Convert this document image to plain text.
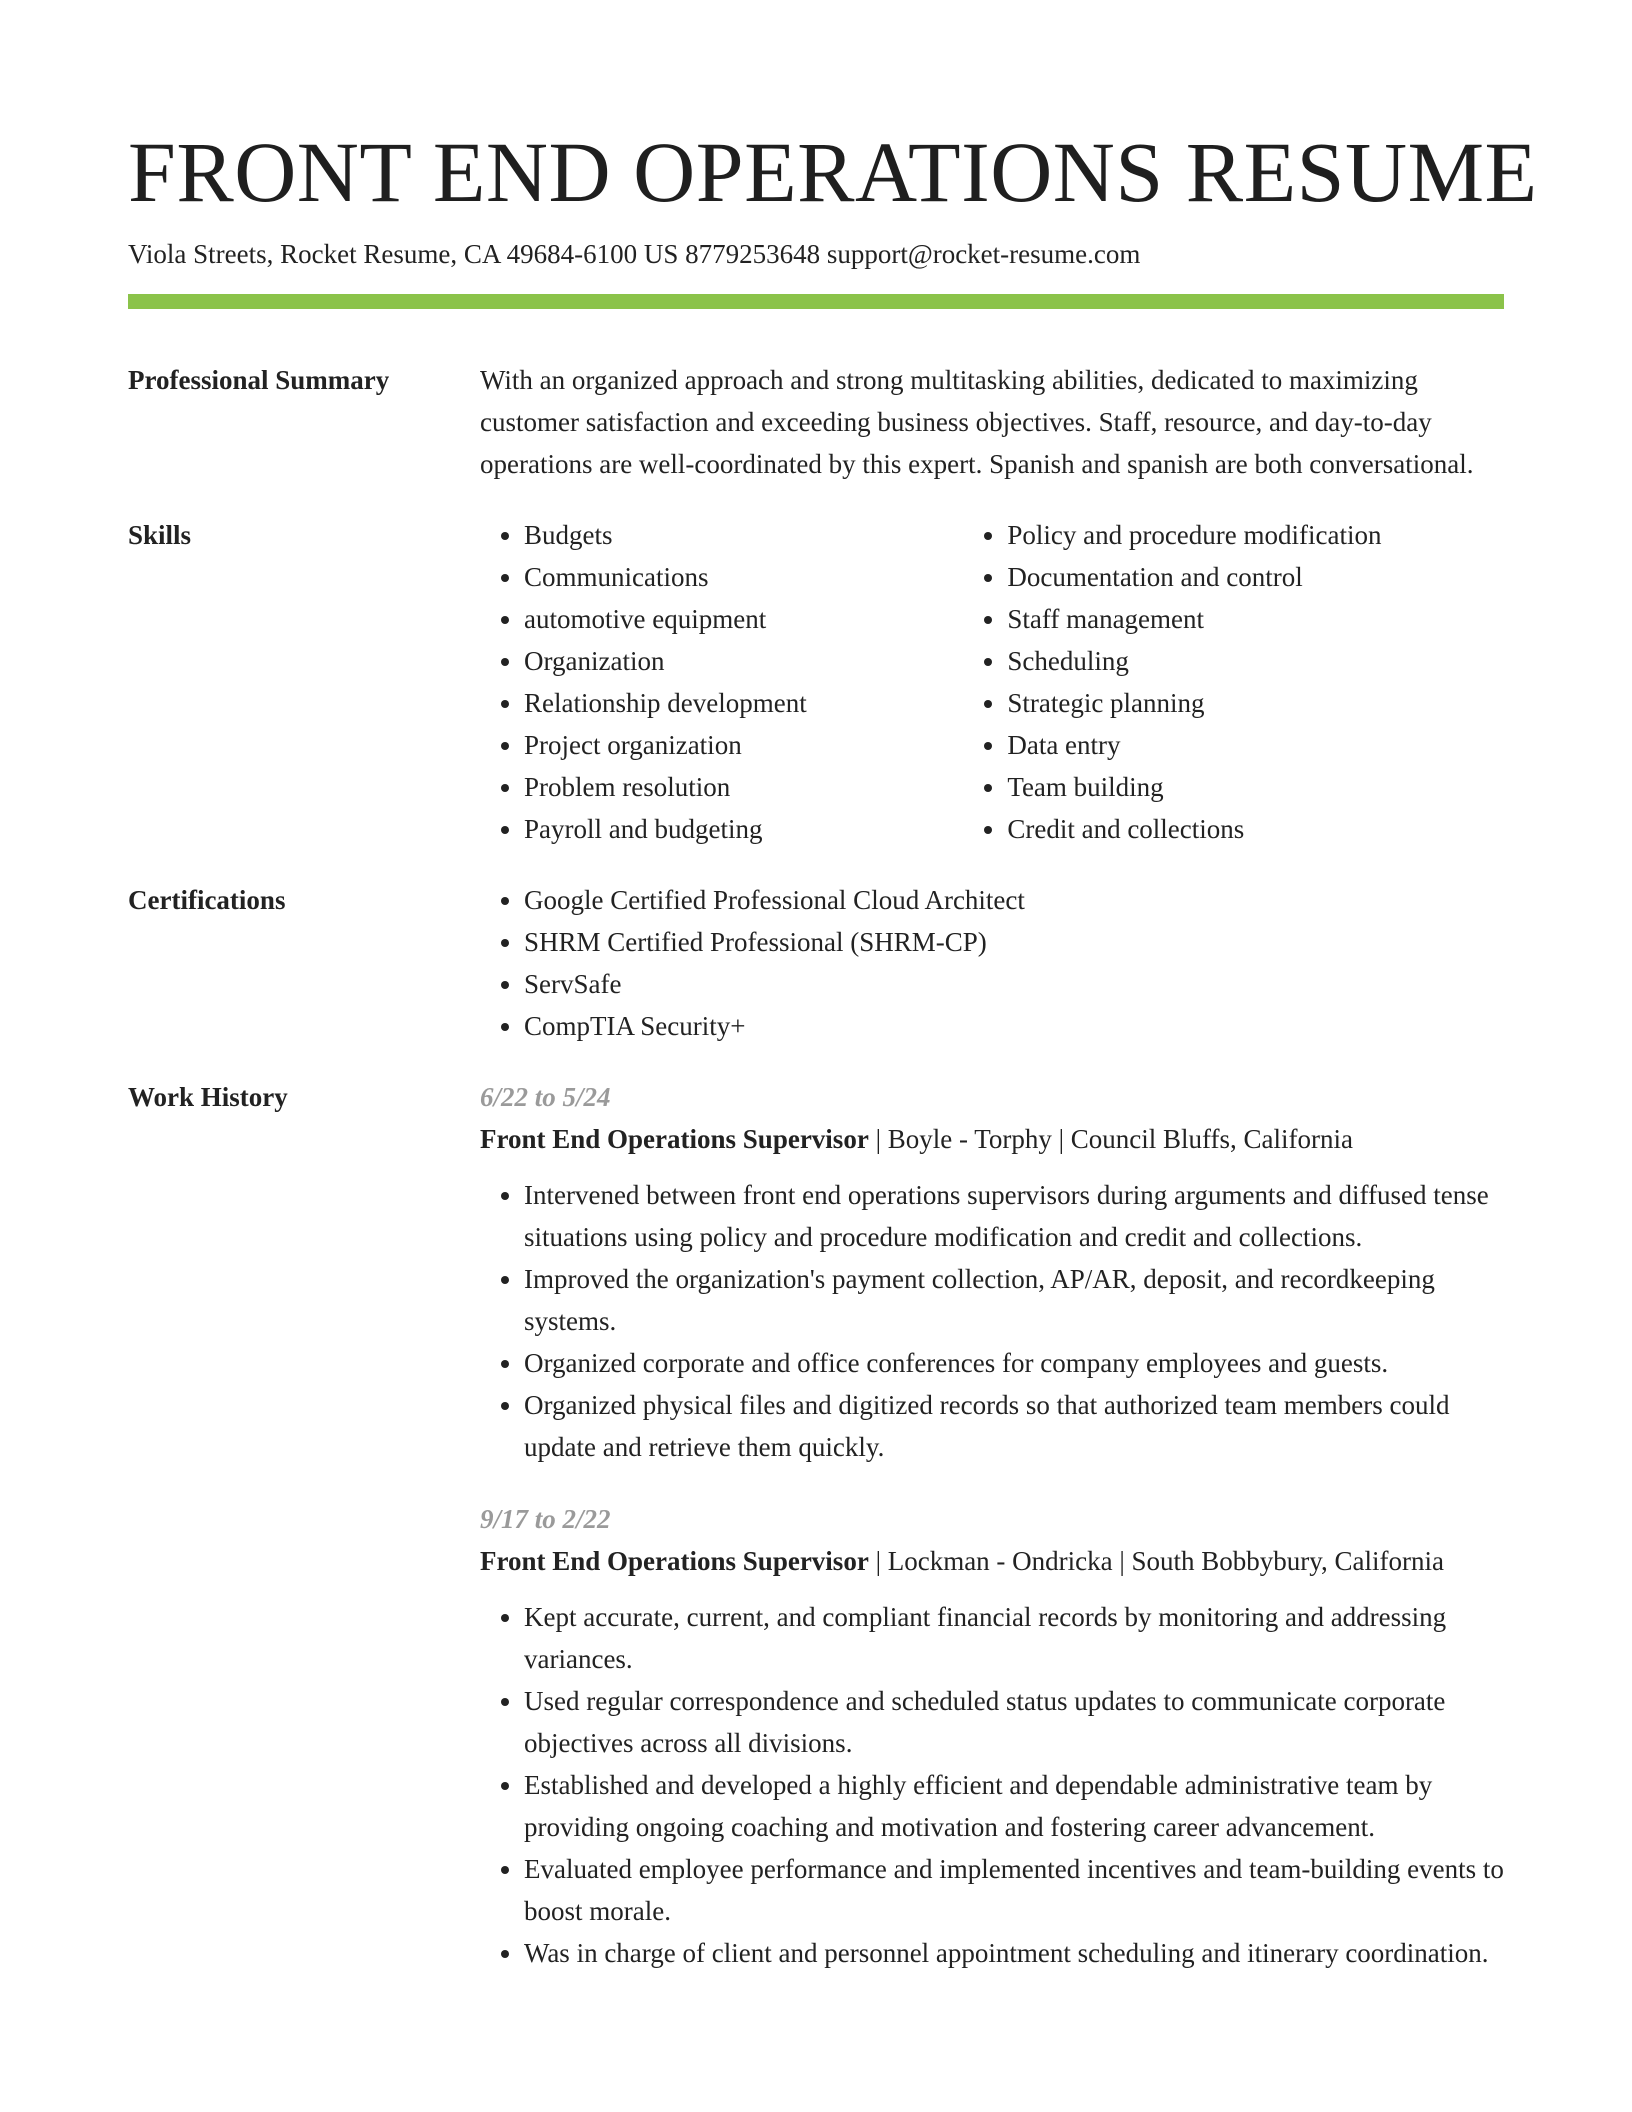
FRONT END OPERATIONS RESUME
Viola Streets, Rocket Resume, CA 49684-6100 US 8779253648 support@rocket-resume.com
Professional Summary	With an organized approach and strong multitasking abilities, dedicated to maximizing customer satisfaction and exceeding business objectives. Staff, resource, and day-to-day operations are well-coordinated by this expert. Spanish and spanish are both conversational.

Skills	• Budgets
• Communications
• automotive equipment
• Organization
• Relationship development
• Project organization
• Problem resolution
• Payroll and budgeting
• Policy and procedure modification
• Documentation and control
• Staff management
• Scheduling
• Strategic planning
• Data entry
• Team building
• Credit and collections
Certifications	• Google Certified Professional Cloud Architect
• SHRM Certified Professional (SHRM-CP)
• ServSafe
• CompTIA Security+
Work History	6/22 to 5/24
Front End Operations Supervisor | Boyle - Torphy | Council Bluffs, California
• Intervened between front end operations supervisors during arguments and diffused tense situations using policy and procedure modification and credit and collections.
• Improved the organization's payment collection, AP/AR, deposit, and recordkeeping systems.
• Organized corporate and office conferences for company employees and guests.
• Organized physical files and digitized records so that authorized team members could update and retrieve them quickly.
9/17 to 2/22
Front End Operations Supervisor | Lockman - Ondricka | South Bobbybury, California
• Kept accurate, current, and compliant financial records by monitoring and addressing variances.
• Used regular correspondence and scheduled status updates to communicate corporate objectives across all divisions.
• Established and developed a highly efficient and dependable administrative team by providing ongoing coaching and motivation and fostering career advancement.
• Evaluated employee performance and implemented incentives and team-building events to boost morale.
• Was in charge of client and personnel appointment scheduling and itinerary coordination.
